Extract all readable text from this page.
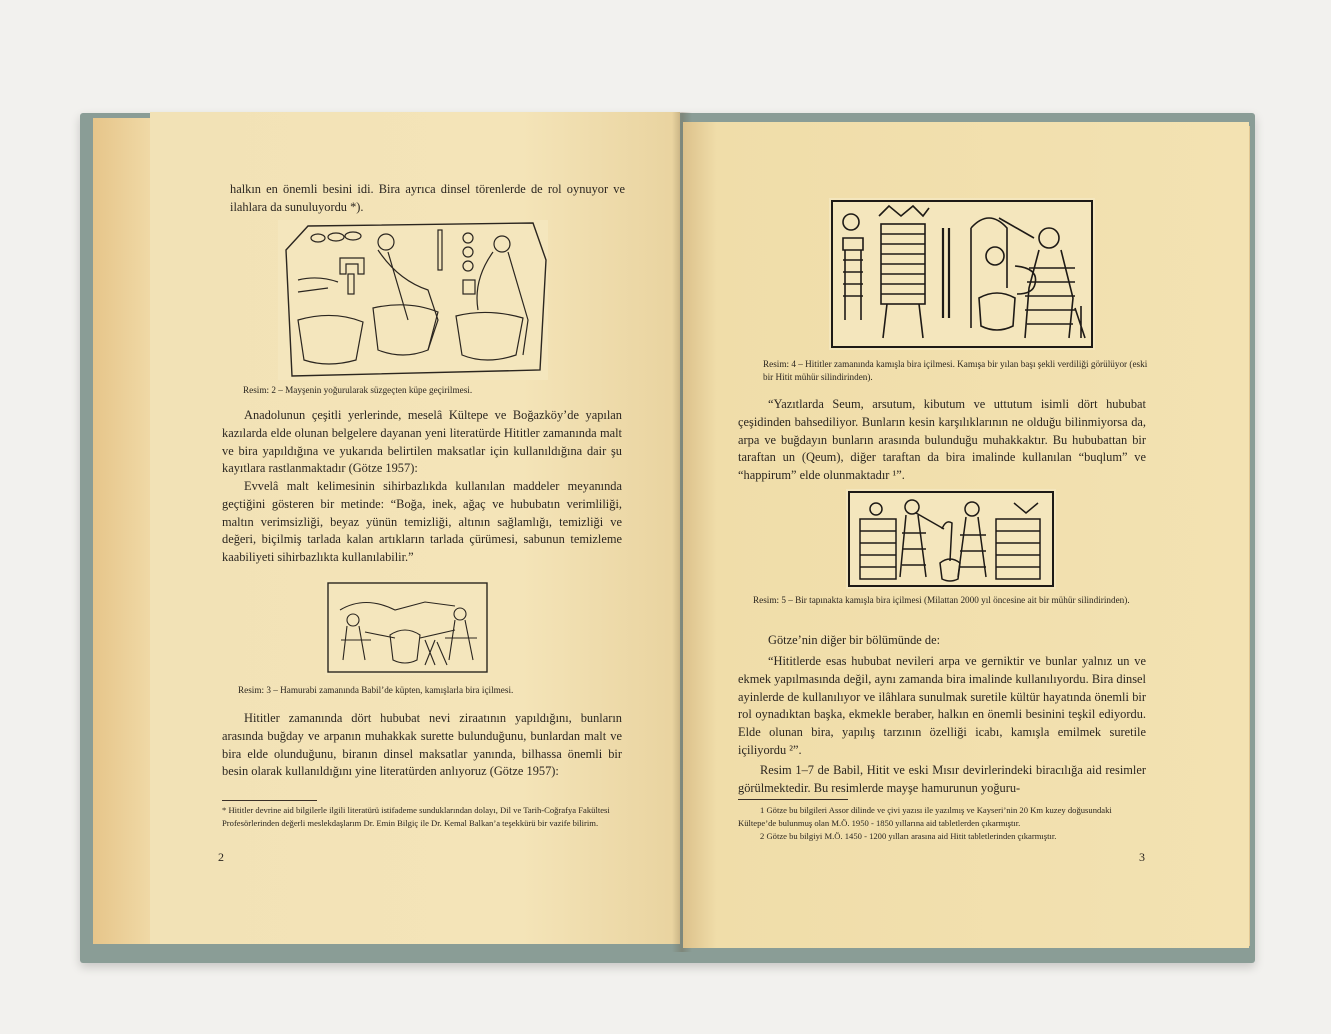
halkın en önemli besini idi. Bira ayrıca dinsel törenlerde de rol oynuyor ve ilahlara da sunuluyordu *).
Resim: 2 – Mayşenin yoğurularak süzgeçten küpe geçirilmesi.
Anadolunun çeşitli yerlerinde, meselâ Kültepe ve Boğazköy’de yapılan kazılarda elde olunan belgelere dayanan yeni literatürde Hititler zamanında malt ve bira yapıldığına ve yukarıda belirtilen maksatlar için kullanıldığına dair şu kayıtlara rastlanmaktadır (Götze 1957):
Evvelâ malt kelimesinin sihirbazlıkda kullanılan maddeler meyanında geçtiğini gösteren bir metinde: “Boğa, inek, ağaç ve hububatın verimliliği, maltın verimsizliği, beyaz yünün temizliği, altının sağlamlığı, temizliği ve değeri, biçilmiş tarlada kalan artıkların tarlada çürümesi, sabunun temizleme kaabiliyeti sihirbazlıkta kullanılabilir.”
Resim: 3 – Hamurabi zamanında Babil’de küpten, kamışlarla bira içilmesi.
Hititler zamanında dört hububat nevi ziraatının yapıldığını, bunların arasında buğday ve arpanın muhakkak surette bulunduğunu, bunlardan malt ve bira elde olunduğunu, biranın dinsel maksatlar yanında, bilhassa önemli bir besin olarak kullanıldığını yine literatürden anlıyoruz (Götze 1957):
* Hititler devrine aid bilgilerle ilgili literatürü istifademe sunduklarından dolayı, Dil ve Tarih-Coğrafya Fakültesi Profesörlerinden değerli meslekdaşlarım Dr. Emin Bilgiç ile Dr. Kemal Balkan’a teşekkürü bir vazife bilirim.
2
Resim: 4 – Hititler zamanında kamışla bira içilmesi. Kamışa bir yılan başı şekli verdiliği görülüyor (eski bir Hitit mühür silindirinden).
“Yazıtlarda Seum, arsutum, kibutum ve uttutum isimli dört hububat çeşidinden bahsediliyor. Bunların kesin karşılıklarının ne olduğu bilinmiyorsa da, arpa ve buğdayın bunların arasında bulunduğu muhakkaktır. Bu hububattan bir taraftan un (Qeum), diğer taraftan da bira imalinde kullanılan “buqlum” ve “happirum” elde olunmaktadır ¹”.
Resim: 5 – Bir tapınakta kamışla bira içilmesi (Milattan 2000 yıl öncesine ait bir mühür silindirinden).
Götze’nin diğer bir bölümünde de:
“Hititlerde esas hububat nevileri arpa ve gerniktir ve bunlar yalnız un ve ekmek yapılmasında değil, aynı zamanda bira imalinde kullanılıyordu. Bira dinsel ayinlerde de kullanılıyor ve ilâhlara sunulmak suretile kültür hayatında önemli bir rol oynadıktan başka, ekmekle beraber, halkın en önemli besinini teşkil ediyordu. Elde olunan bira, yapılış tarzının özelliği icabı, kamışla emilmek suretile içiliyordu ²”.
Resim 1–7 de Babil, Hitit ve eski Mısır devirlerindeki biracılığa aid resimler görülmektedir. Bu resimlerde mayşe hamurunun yoğuru-
1 Götze bu bilgileri Assor dilinde ve çivi yazısı ile yazılmış ve Kayseri’nin 20 Km kuzey doğusundaki Kültepe’de bulunmuş olan M.Ö. 1950 - 1850 yıllarına aid tabletlerden çıkarmıştır.
2 Götze bu bilgiyi M.Ö. 1450 - 1200 yılları arasına aid Hitit tabletlerinden çıkarmıştır.
3
